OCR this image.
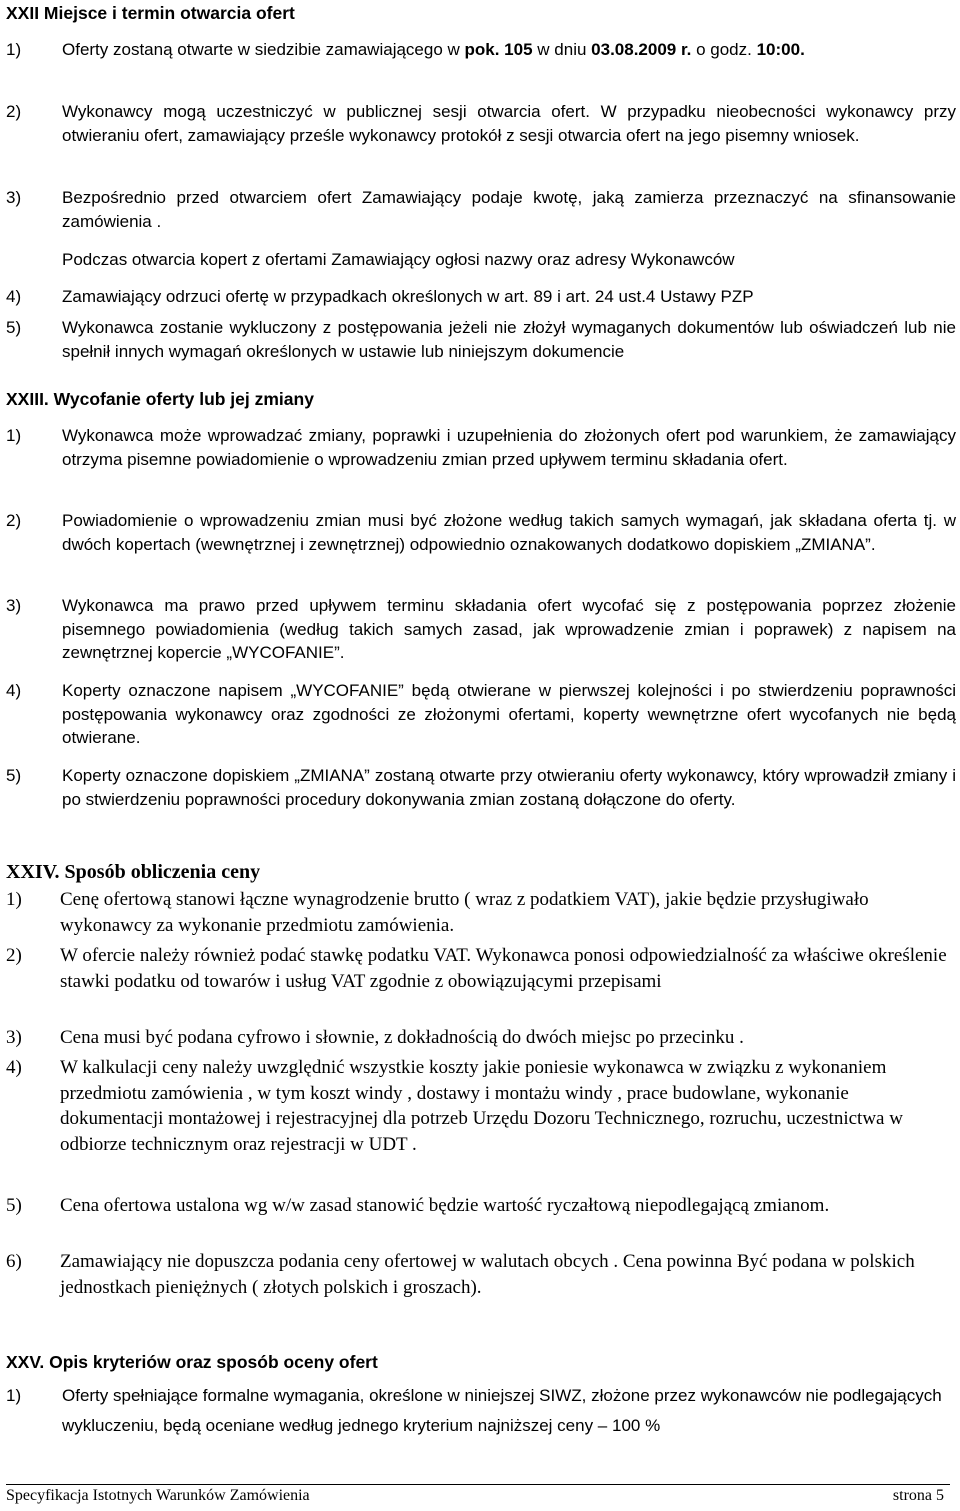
XXII Miejsce i termin otwarcia ofert
1)	Oferty zostaną otwarte w siedzibie zamawiającego w pok. 105 w dniu 03.08.2009 r. o godz. 10:00.
2)	Wykonawcy mogą uczestniczyć w publicznej sesji otwarcia ofert. W przypadku nieobecności wykonawcy przy otwieraniu ofert, zamawiający prześle wykonawcy protokół z sesji otwarcia ofert na jego pisemny wniosek.
3)	Bezpośrednio przed otwarciem ofert Zamawiający podaje kwotę, jaką zamierza przeznaczyć na sfinansowanie zamówienia .
Podczas otwarcia kopert z ofertami Zamawiający ogłosi nazwy oraz adresy Wykonawców
4)	Zamawiający odrzuci ofertę w przypadkach określonych w art. 89 i art. 24 ust.4 Ustawy PZP
5)	Wykonawca zostanie wykluczony z postępowania jeżeli nie złożył wymaganych dokumentów lub oświadczeń lub nie spełnił innych wymagań określonych w ustawie lub niniejszym dokumencie
XXIII. Wycofanie oferty lub jej zmiany
1)	Wykonawca może wprowadzać zmiany, poprawki i uzupełnienia do złożonych ofert pod warunkiem, że zamawiający otrzyma pisemne powiadomienie o wprowadzeniu zmian przed upływem terminu składania ofert.
2)	Powiadomienie o wprowadzeniu zmian musi być złożone według takich samych wymagań, jak składana oferta tj. w dwóch kopertach (wewnętrznej i zewnętrznej) odpowiednio oznakowanych dodatkowo dopiskiem „ZMIANA”.
3)	Wykonawca ma prawo przed upływem terminu składania ofert wycofać się z postępowania poprzez złożenie pisemnego powiadomienia (według takich samych zasad, jak wprowadzenie zmian i poprawek) z napisem na zewnętrznej kopercie „WYCOFANIE”.
4)	Koperty oznaczone napisem „WYCOFANIE” będą otwierane w pierwszej kolejności i po stwierdzeniu poprawności postępowania wykonawcy oraz zgodności ze złożonymi ofertami, koperty wewnętrzne ofert wycofanych nie będą otwierane.
5)	Koperty oznaczone dopiskiem „ZMIANA” zostaną otwarte przy otwieraniu oferty wykonawcy, który wprowadził zmiany i po stwierdzeniu poprawności procedury dokonywania zmian zostaną dołączone do oferty.
XXIV. Sposób obliczenia ceny
1)	Cenę ofertową stanowi łączne wynagrodzenie brutto ( wraz z podatkiem VAT), jakie będzie przysługiwało wykonawcy za wykonanie przedmiotu zamówienia.
2)	W ofercie należy również podać stawkę podatku VAT. Wykonawca ponosi odpowiedzialność za właściwe określenie stawki podatku od towarów i usług VAT zgodnie z obowiązującymi przepisami
3)	Cena musi być podana cyfrowo i słownie, z dokładnością do dwóch miejsc po przecinku .
4)	W kalkulacji ceny należy uwzględnić wszystkie koszty jakie poniesie wykonawca w związku z wykonaniem przedmiotu zamówienia , w tym koszt windy , dostawy i montażu windy , prace budowlane, wykonanie dokumentacji montażowej i rejestracyjnej dla potrzeb Urzędu Dozoru Technicznego, rozruchu, uczestnictwa w odbiorze technicznym oraz rejestracji w UDT .
5)	Cena ofertowa ustalona wg w/w zasad stanowić będzie wartość ryczałtową niepodlegającą zmianom.
6)	Zamawiający nie dopuszcza podania ceny ofertowej w walutach obcych . Cena powinna Być podana w polskich jednostkach pieniężnych ( złotych polskich i groszach).
XXV. Opis kryteriów oraz sposób oceny ofert
1)	Oferty spełniające formalne wymagania, określone w niniejszej SIWZ, złożone przez wykonawców nie podlegających wykluczeniu, będą oceniane według jednego kryterium najniższej ceny – 100 %
Specyfikacja Istotnych Warunków Zamówienia	strona 5
